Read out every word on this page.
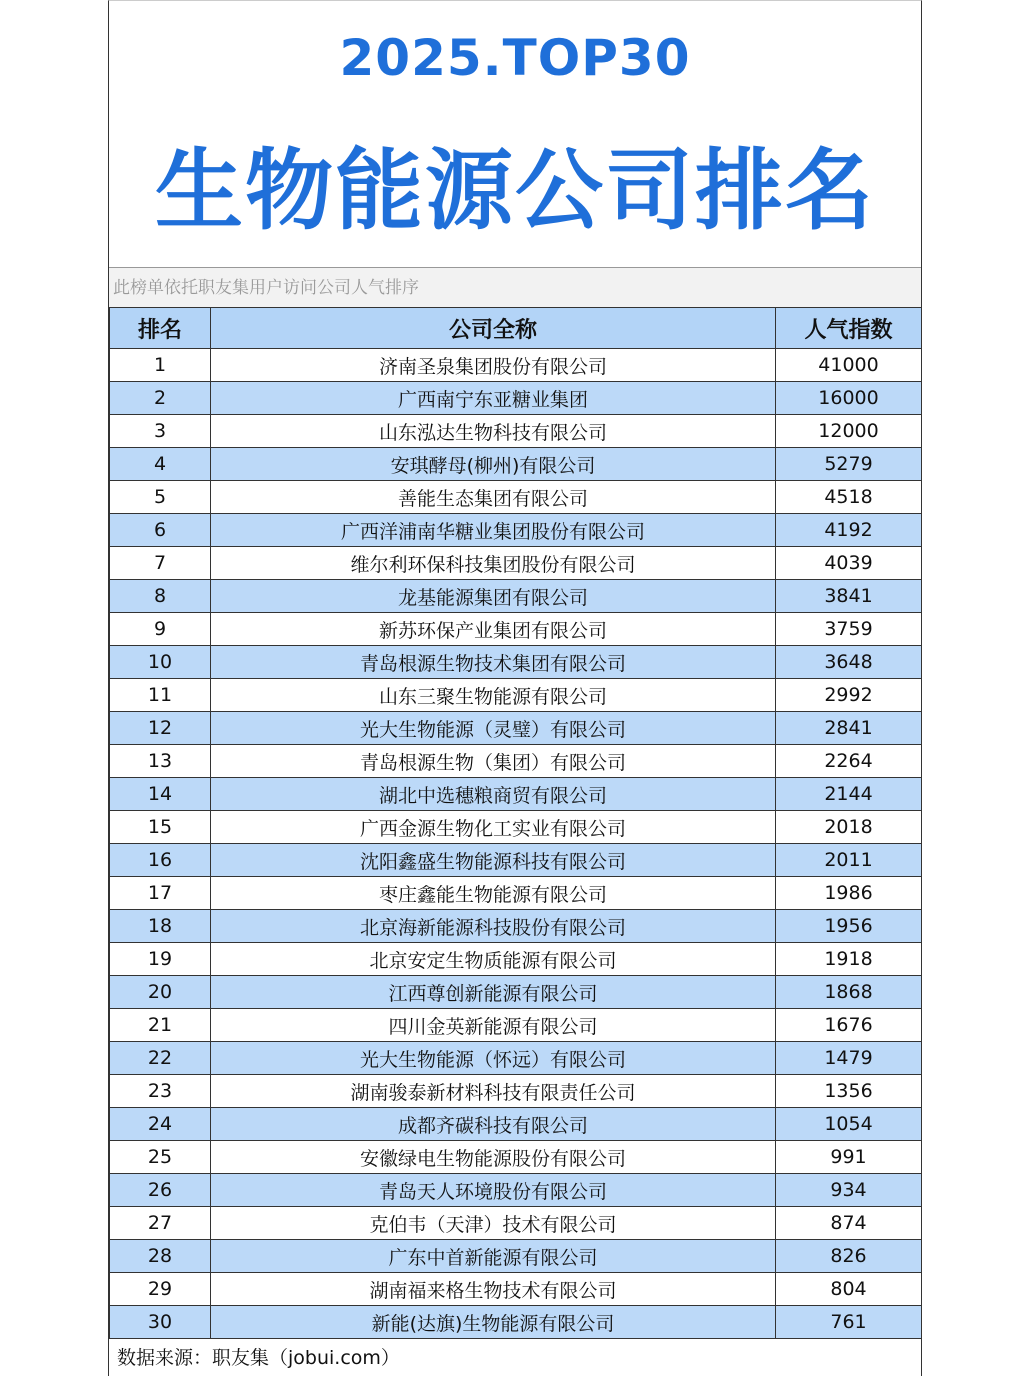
2025.TOP30
生物能源公司排名
此榜单依托职友集用户访问公司人气排序
排名	公司全称	人气指数
1	济南圣泉集团股份有限公司	41000
2	广西南宁东亚糖业集团	16000
3	山东泓达生物科技有限公司	12000
4	安琪酵母(柳州)有限公司	5279
5	善能生态集团有限公司	4518
6	广西洋浦南华糖业集团股份有限公司	4192
7	维尔利环保科技集团股份有限公司	4039
8	龙基能源集团有限公司	3841
9	新苏环保产业集团有限公司	3759
10	青岛根源生物技术集团有限公司	3648
11	山东三聚生物能源有限公司	2992
12	光大生物能源（灵璧）有限公司	2841
13	青岛根源生物（集团）有限公司	2264
14	湖北中选穗粮商贸有限公司	2144
15	广西金源生物化工实业有限公司	2018
16	沈阳鑫盛生物能源科技有限公司	2011
17	枣庄鑫能生物能源有限公司	1986
18	北京海新能源科技股份有限公司	1956
19	北京安定生物质能源有限公司	1918
20	江西尊创新能源有限公司	1868
21	四川金英新能源有限公司	1676
22	光大生物能源（怀远）有限公司	1479
23	湖南骏泰新材料科技有限责任公司	1356
24	成都齐碳科技有限公司	1054
25	安徽绿电生物能源股份有限公司	991
26	青岛天人环境股份有限公司	934
27	克伯韦（天津）技术有限公司	874
28	广东中首新能源有限公司	826
29	湖南福来格生物技术有限公司	804
30	新能(达旗)生物能源有限公司	761
数据来源：职友集（jobui.com）
